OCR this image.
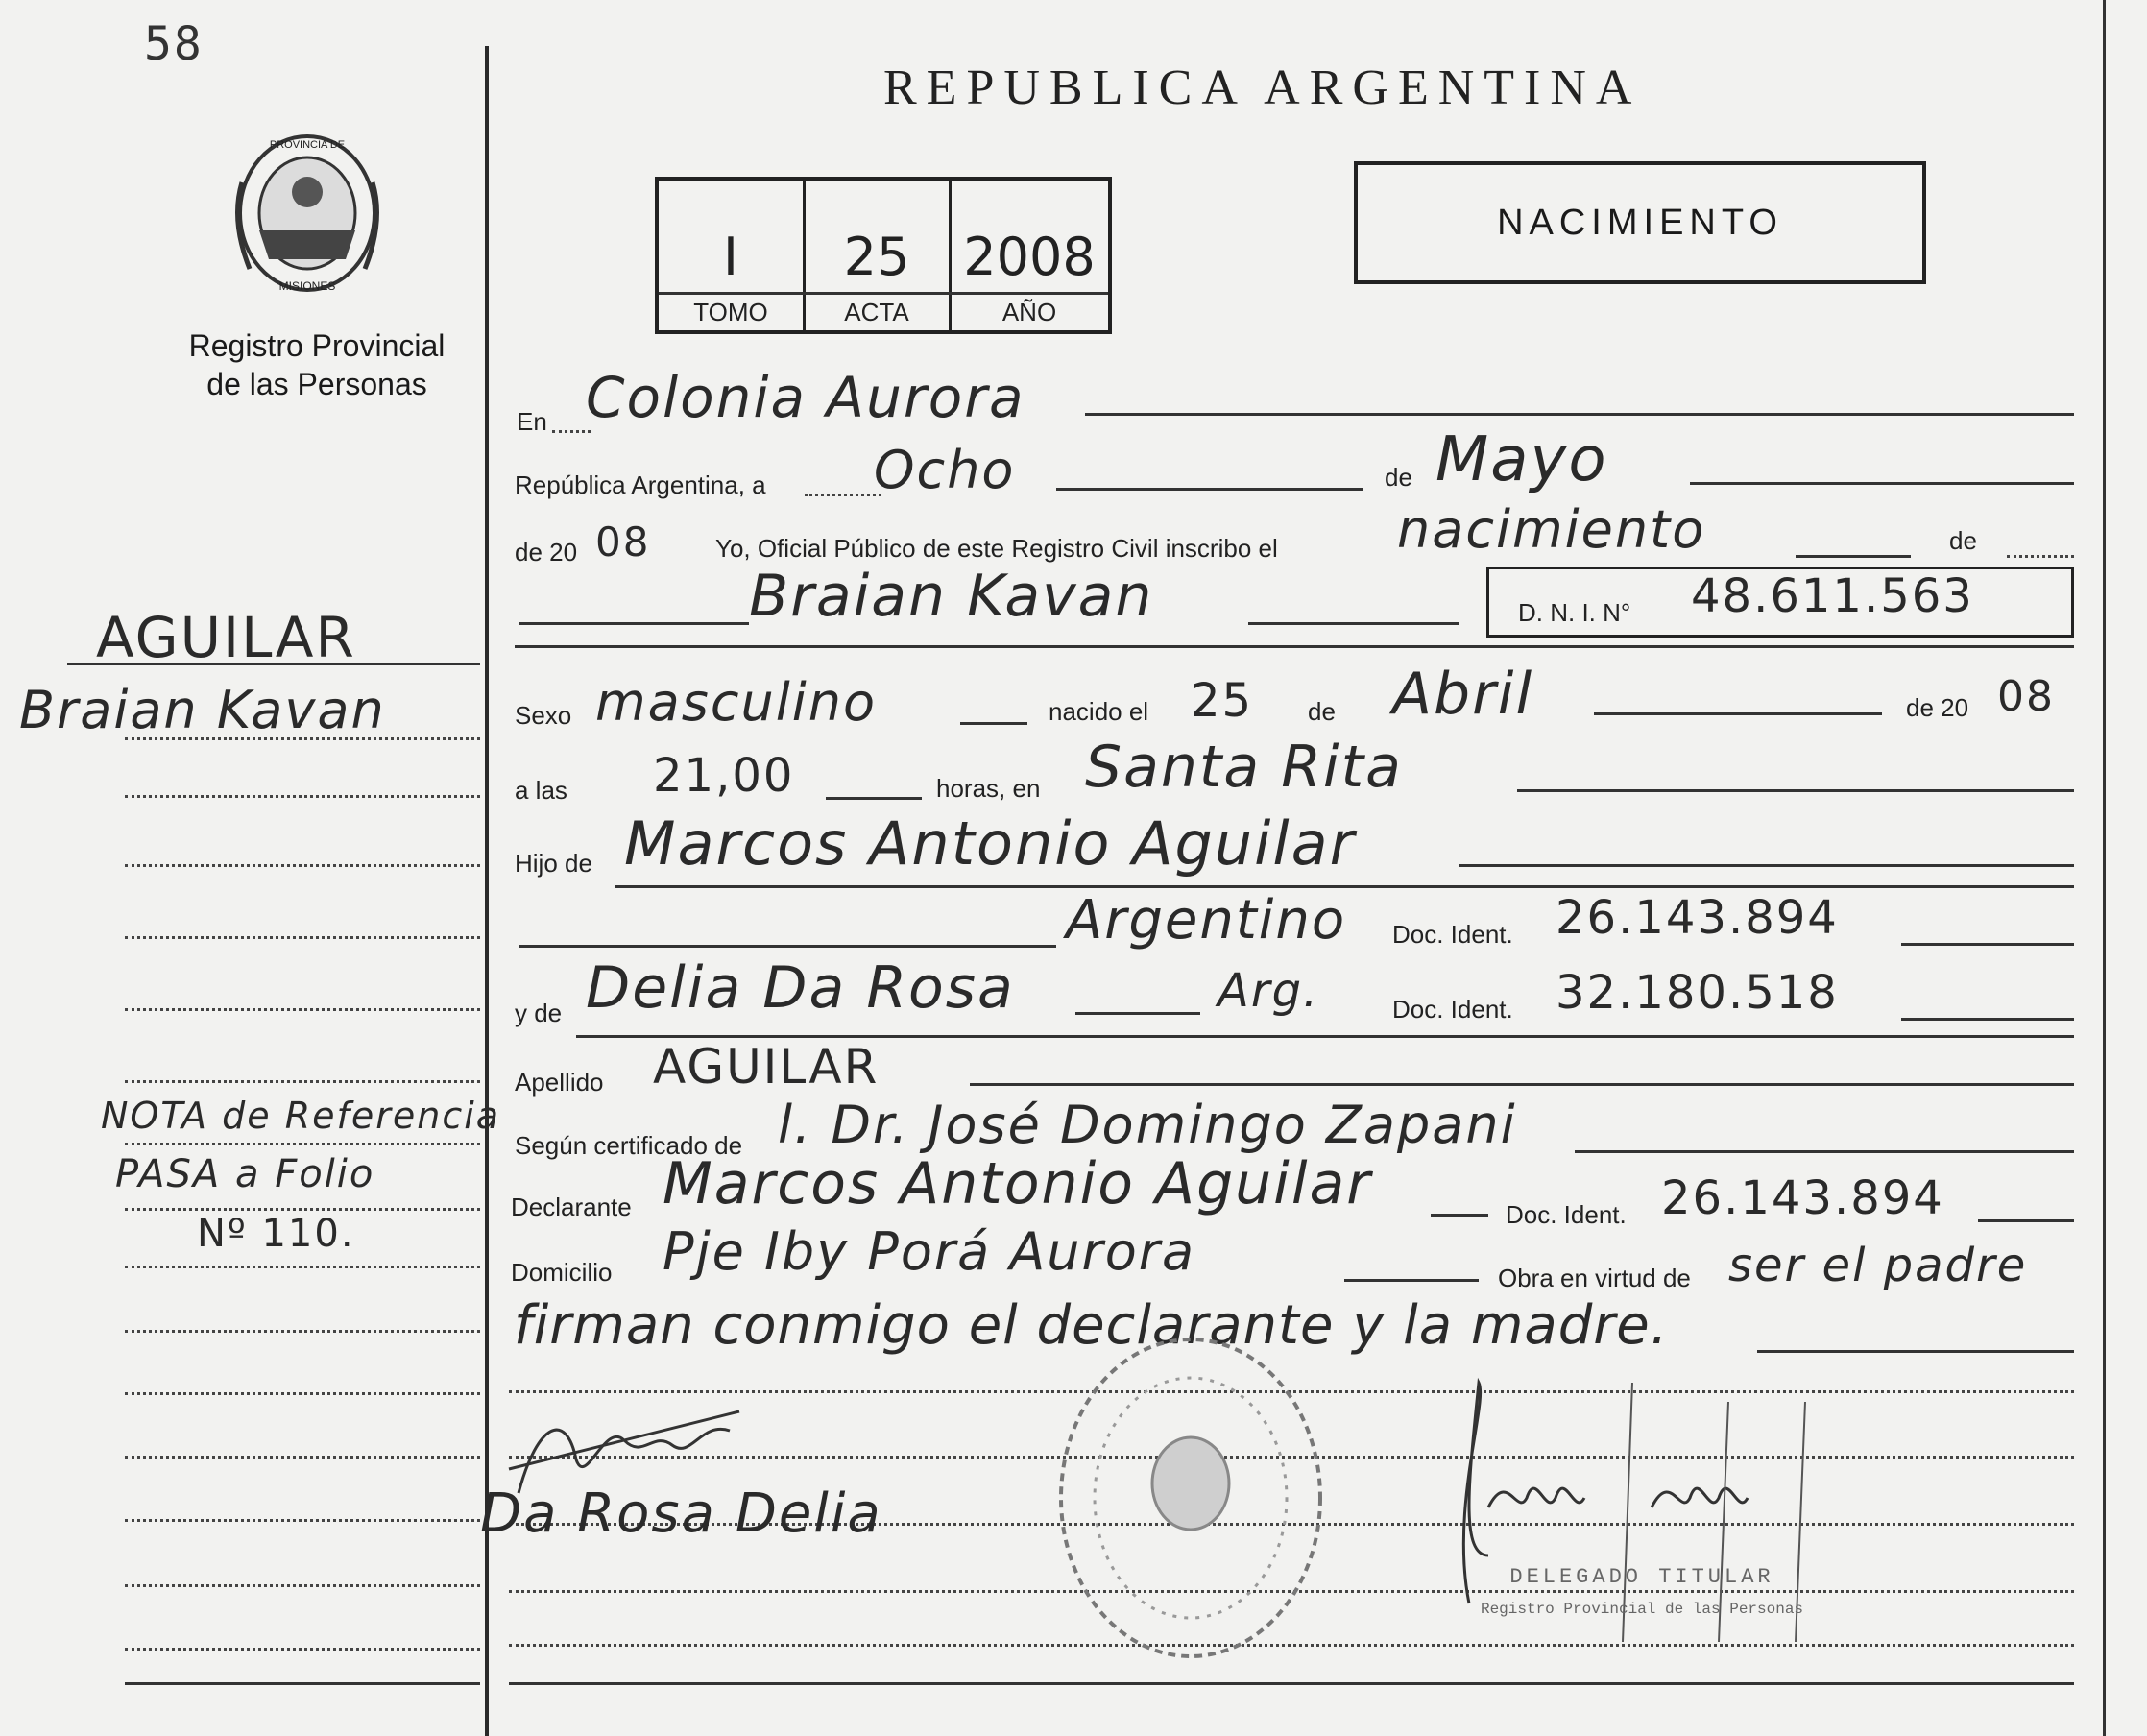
58
PROVINCIA DE
MISIONES
Registro Provincial
de las Personas
REPUBLICA ARGENTINA
I	25	2008
TOMO	ACTA	AÑO
NACIMIENTO
AGUILAR
Braian Kavan
NOTA de Referencia
PASA a Folio
Nº 110.
En Colonia Aurora
República Argentina, a Ocho	de Mayo
de 20 08	Yo, Oficial Público de este Registro Civil inscribo el nacimiento	de
Braian Kavan	D. N. I. N° 48.611.563
Sexo masculino	nacido el 25 de Abril	de 20 08
a las 21,00	horas, en Santa Rita
Hijo de Marcos Antonio Aguilar
Argentino Doc. Ident. 26.143.894
y de Delia Da Rosa	Arg.	Doc. Ident. 32.180.518
Apellido AGUILAR
Según certificado de l. Dr. José Domingo Zapani
Declarante Marcos Antonio Aguilar	Doc. Ident. 26.143.894
Domicilio Pje Iby Porá Aurora	Obra en virtud de ser el padre
firman conmigo el declarante y la madre.
Da Rosa Delia
DELEGADO TITULAR
Registro Provincial de las Personas
